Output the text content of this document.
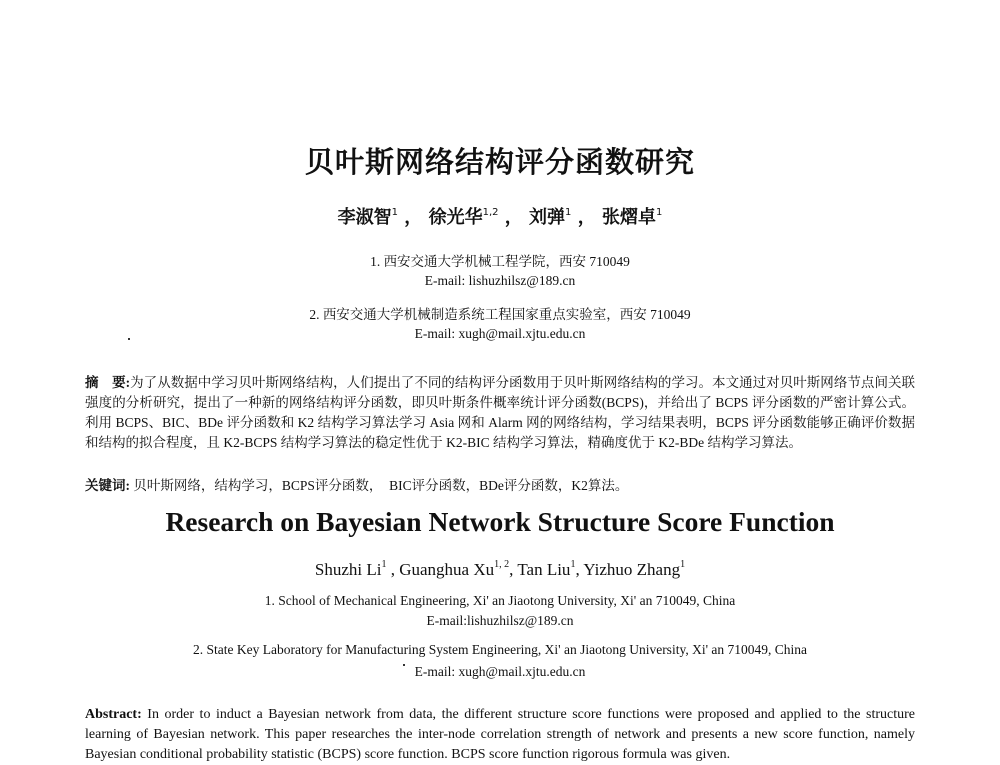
贝叶斯网络结构评分函数研究
李淑智$^1$ ， 徐光华$^{1,2}$ ， 刘弹$^1$ ， 张熠卓$^1$
1. 西安交通大学机械工程学院，西安 710049
E-mail: lishuzhilsz@189.cn
2. 西安交通大学机械制造系统工程国家重点实验室，西安 710049
E-mail: xugh@mail.xjtu.edu.cn
摘　要:为了从数据中学习贝叶斯网络结构，人们提出了不同的结构评分函数用于贝叶斯网络结构的学习。本文通过对贝叶斯网络节点间关联强度的分析研究，提出了一种新的网络结构评分函数，即贝叶斯条件概率统计评分函数(BCPS)，并给出了 BCPS 评分函数的严密计算公式。利用 BCPS、BIC、BDe 评分函数和 K2 结构学习算法学习 Asia 网和 Alarm 网的网络结构，学习结果表明，BCPS 评分函数能够正确评价数据和结构的拟合程度，且 K2-BCPS 结构学习算法的稳定性优于 K2-BIC 结构学习算法，精确度优于 K2-BDe 结构学习算法。
关键词: 贝叶斯网络，结构学习，BCPS评分函数，　BIC评分函数，BDe评分函数，K2算法。
Research on Bayesian Network Structure Score Function
Shuzhi Li$^1$ , Guanghua Xu$^{1, 2}$, Tan Liu$^1$, Yizhuo Zhang$^1$
1. School of Mechanical Engineering, Xi' an Jiaotong University, Xi' an 710049, China
E-mail:lishuzhilsz@189.cn
2. State Key Laboratory for Manufacturing System Engineering, Xi' an Jiaotong University, Xi' an 710049, China
E-mail: xugh@mail.xjtu.edu.cn
Abstract: In order to induct a Bayesian network from data, the different structure score functions were proposed and applied to the structure learning of Bayesian network. This paper researches the inter-node correlation strength of network and presents a new score function, namely Bayesian conditional probability statistic (BCPS) score function. BCPS score function rigorous formula was given.
